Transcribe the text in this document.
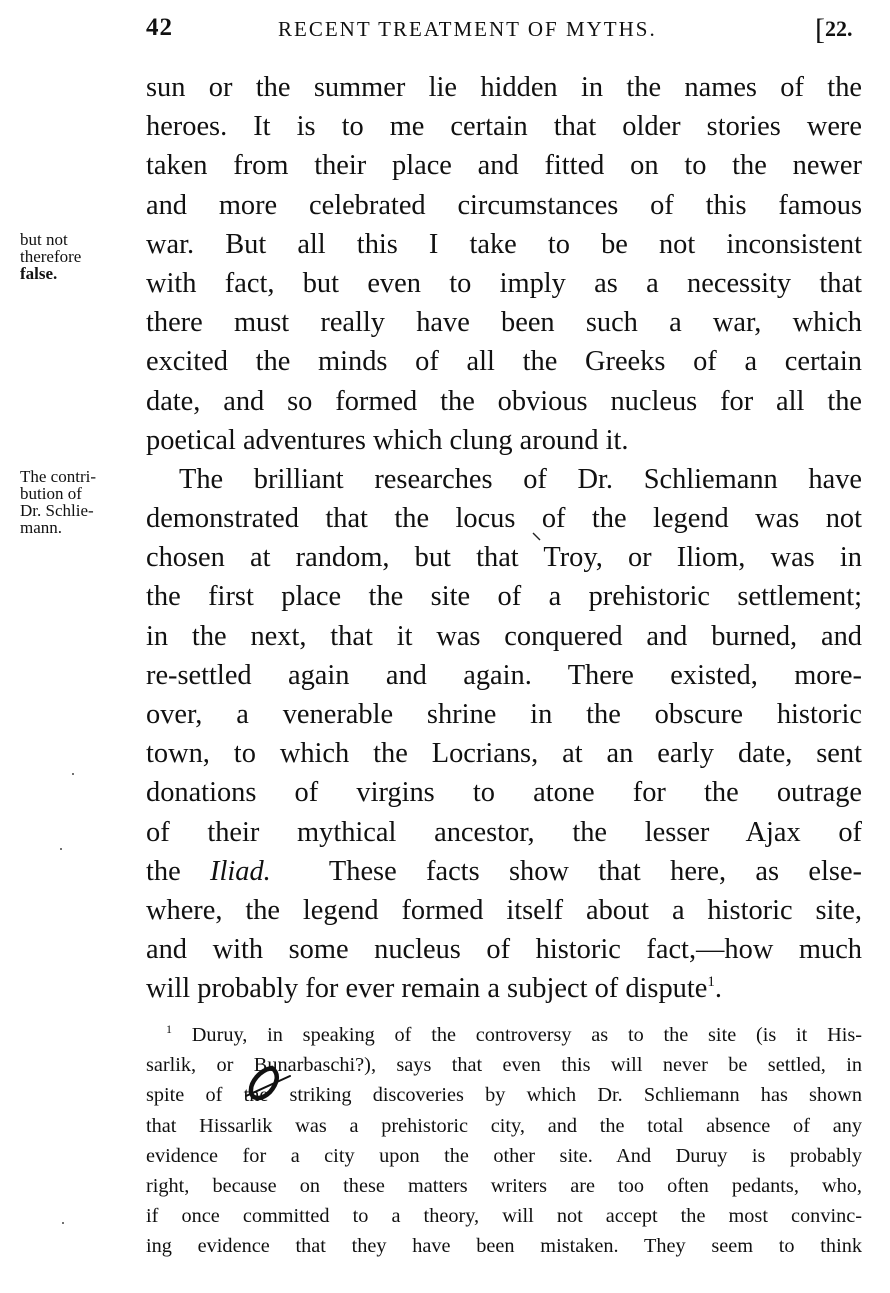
42	RECENT TREATMENT OF MYTHS.	[22.
but not
therefore
false.
The contri-
bution of
Dr. Schlie-
mann.
sun or the summer lie hidden in the names of the
heroes. It is to me certain that older stories were
taken from their place and fitted on to the newer
and more celebrated circumstances of this famous
war. But all this I take to be not inconsistent
with fact, but even to imply as a necessity that
there must really have been such a war, which
excited the minds of all the Greeks of a certain
date, and so formed the obvious nucleus for all the
poetical adventures which clung around it.
The brilliant researches of Dr. Schliemann have
demonstrated that the locus of the legend was not
chosen at random, but that Troy, or Iliom, was in
the first place the site of a prehistoric settlement;
in the next, that it was conquered and burned, and
re-settled again and again. There existed, more-
over, a venerable shrine in the obscure historic
town, to which the Locrians, at an early date, sent
donations of virgins to atone for the outrage
of their mythical ancestor, the lesser Ajax of
the Iliad.  These facts show that here, as else-
where, the legend formed itself about a historic site,
and with some nucleus of historic fact,—how much
will probably for ever remain a subject of dispute$^1$.
$^1$ Duruy, in speaking of the controversy as to the site (is it His-
sarlik, or Bunarbaschi?), says that even this will never be settled, in
spite of the striking discoveries by which Dr. Schliemann has shown
that Hissarlik was a prehistoric city, and the total absence of any
evidence for a city upon the other site. And Duruy is probably
right, because on these matters writers are too often pedants, who,
if once committed to a theory, will not accept the most convinc-
ing evidence that they have been mistaken. They seem to think
